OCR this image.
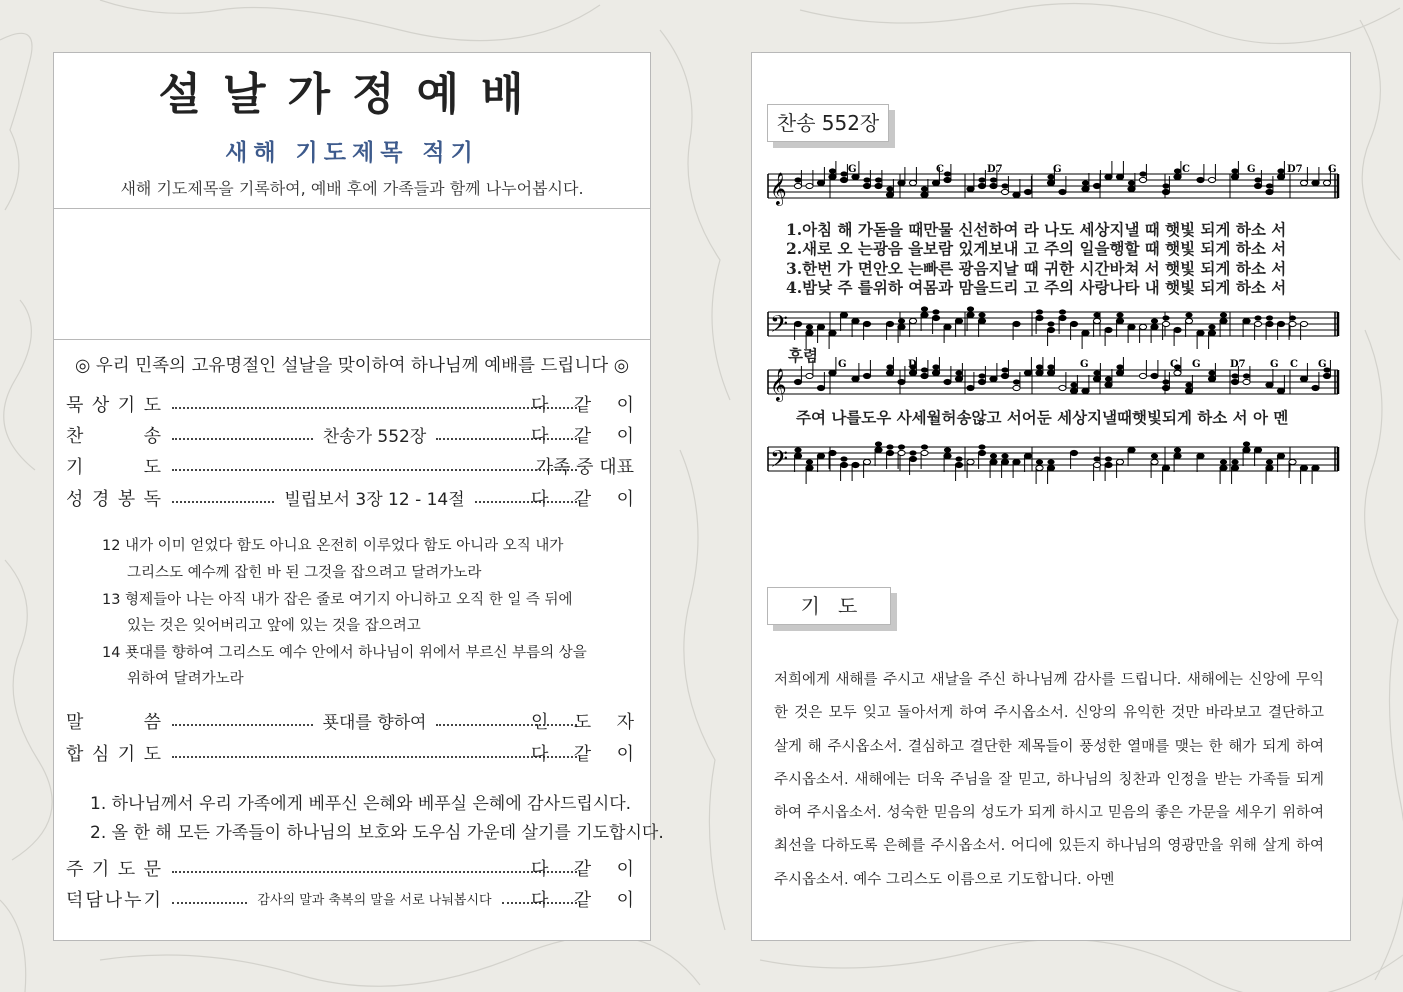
설날가정예배
새해 기도제목 적기
새해 기도제목을 기록하여, 예배 후에 가족들과 함께 나누어봅시다.
◎ 우리 민족의 고유명절인 설날을 맞이하여 하나님께 예배를 드립니다 ◎
묵 상 기 도	다 같 이
찬	송	찬송가 552장	다 같 이
기	도	가족 중 대표
성 경 봉 독	빌립보서 3장 12 - 14절	다 같 이
말	씀	푯대를 향하여	인 도 자
합 심 기 도	다 같 이
주 기 도 문	다 같 이
덕 담 나 누 기	감사의 말과 축복의 말을 서로 나눠봅시다	다 같 이
12 내가 이미 얻었다 함도 아니요 온전히 이루었다 함도 아니라 오직 내가
그리스도 예수께 잡힌 바 된 그것을 잡으려고 달려가노라
13 형제들아 나는 아직 내가 잡은 줄로 여기지 아니하고 오직 한 일 즉 뒤에
있는 것은 잊어버리고 앞에 있는 것을 잡으려고
14 푯대를 향하여 그리스도 예수 안에서 하나님이 위에서 부르신 부름의 상을
위하여 달려가노라
1. 하나님께서 우리 가족에게 베푸신 은혜와 베푸실 은혜에 감사드립시다.
2. 올 한 해 모든 가족들이 하나님의 보호와 도우심 가운데 살기를 기도합시다.
찬송 552장
𝄞
𝄢
𝄞
𝄢
G	C	D7	G	C	G	D7	G
G	D	G	C G	D7 G C G
1.아침 해 가돋을 때만물 신선하여 라 나도 세상지낼 때 햇빛 되게 하소 서
2.새로 오 는광음 을보람 있게보내 고 주의 일을행할 때 햇빛 되게 하소 서
3.한번 가 면안오 는빠른 광음지날 때 귀한 시간바쳐 서 햇빛 되게 하소 서
4.밤낮 주 를위하 여몸과 맘을드리 고 주의 사랑나타 내 햇빛 되게 하소 서
후렴
주여 나를도우 사세월허송않고 서어둔 세상지낼때햇빛되게 하소 서 아 멘
기도
저희에게 새해를 주시고 새날을 주신 하나님께 감사를 드립니다. 새해에는 신앙에 무익한 것은 모두 잊고 돌아서게 하여 주시옵소서. 신앙의 유익한 것만 바라보고 결단하고 살게 해 주시옵소서. 결심하고 결단한 제목들이 풍성한 열매를 맺는 한 해가 되게 하여 주시옵소서. 새해에는 더욱 주님을 잘 믿고, 하나님의 칭찬과 인정을 받는 가족들 되게 하여 주시옵소서. 성숙한 믿음의 성도가 되게 하시고 믿음의 좋은 가문을 세우기 위하여 최선을 다하도록 은혜를 주시옵소서. 어디에 있든지 하나님의 영광만을 위해 살게 하여 주시옵소서. 예수 그리스도 이름으로 기도합니다. 아멘
